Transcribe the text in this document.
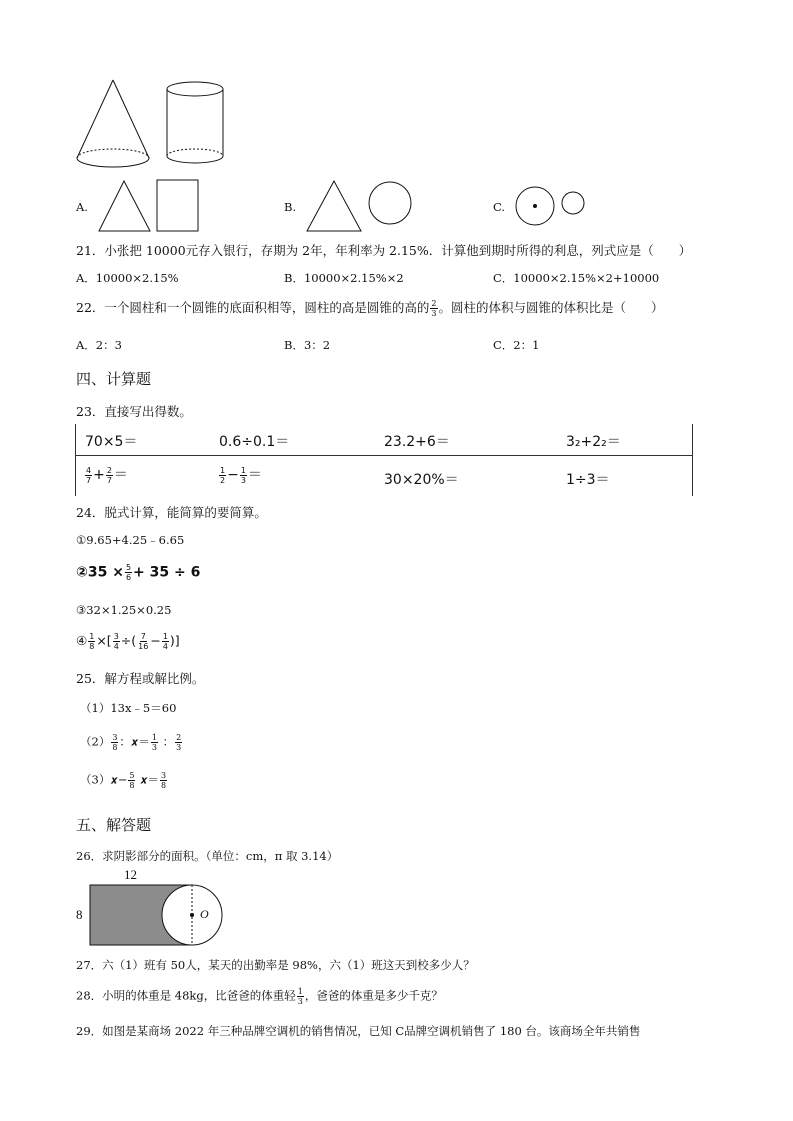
A.	B.	C.
21．小张把 10000元存入银行，存期为 2年，年利率为 2.15%．计算他到期时所得的利息，列式应是（　　）
A．10000×2.15%	B．10000×2.15%×2	C．10000×2.15%×2+10000
22．一个圆柱和一个圆锥的底面积相等，圆柱的高是圆锥的高的 $\frac{2}{3}$ 。圆柱的体积与圆锥的体积比是（　　）
A．2：3	B．3：2	C．2：1
四、计算题
23．直接写出得数。
70×5＝	0.6÷0.1＝	23.2+6＝	3₂+2₂＝
$\frac{4}{7} + \frac{2}{7}$ ＝	$\frac{1}{2} - \frac{1}{3}$ ＝	30×20%＝	1÷3＝
24．脱式计算，能简算的要简算。
①9.65+4.25﹣6.65
②35 × $\frac{5}{6} + 35 \div 6$
③32×1.25×0.25
④ $\frac{1}{8}$ ×[ $\frac{3}{4}$ ÷( $\frac{7}{16} - \frac{1}{4}$ )]
25．解方程或解比例。
（1）13x﹣5＝60
$(2) \frac{3}{8}$ ：𝒙＝ $\frac{1}{3}$ ： $\frac{2}{3}$
（3）𝒙− $\frac{5}{8}$ 𝒙＝ $\frac{3}{8}$
五、解答题
26．求阴影部分的面积。（单位：cm，π 取 3.14）
12
8	O
27．六（1）班有 50人，某天的出勤率是 98%，六（1）班这天到校多少人？
28．小明的体重是 48kg，比爸爸的体重轻 $\frac{1}{3}$ ，爸爸的体重是多少千克？
29．如图是某商场 2022 年三种品牌空调机的销售情况，已知 C品牌空调机销售了 180 台。该商场全年共销售
